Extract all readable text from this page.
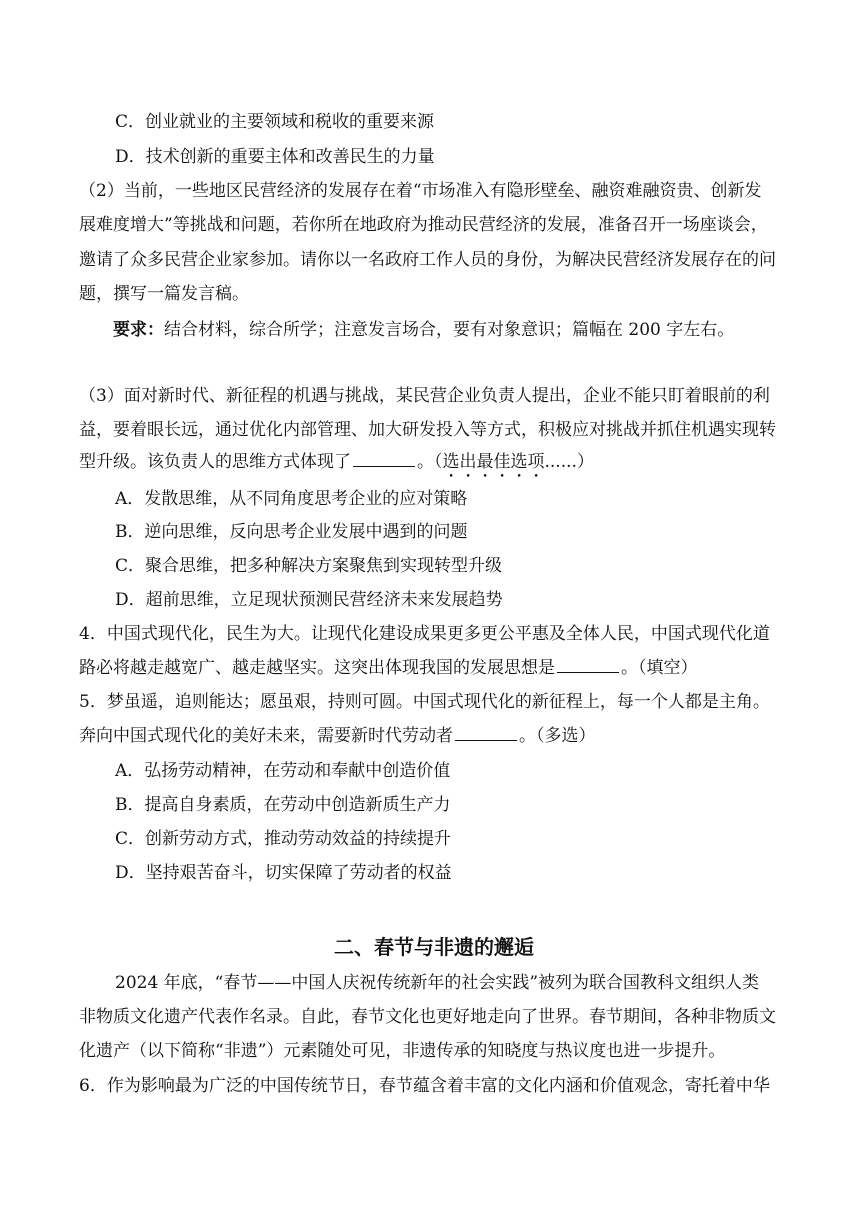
C．创业就业的主要领域和税收的重要来源
D．技术创新的重要主体和改善民生的力量
（2）当前，一些地区民营经济的发展存在着“市场准入有隐形壁垒、融资难融资贵、创新发
展难度增大”等挑战和问题，若你所在地政府为推动民营经济的发展，准备召开一场座谈会，
邀请了众多民营企业家参加。请你以一名政府工作人员的身份，为解决民营经济发展存在的问
题，撰写一篇发言稿。
要求：结合材料，综合所学；注意发言场合，要有对象意识；篇幅在 200 字左右。
（3）面对新时代、新征程的机遇与挑战，某民营企业负责人提出，企业不能只盯着眼前的利
益，要着眼长远，通过优化内部管理、加大研发投入等方式，积极应对挑战并抓住机遇实现转
型升级。该负责人的思维方式体现了	。（选出最佳选项......）
A．发散思维，从不同角度思考企业的应对策略
B．逆向思维，反向思考企业发展中遇到的问题
C．聚合思维，把多种解决方案聚焦到实现转型升级
D．超前思维，立足现状预测民营经济未来发展趋势
4．中国式现代化，民生为大。让现代化建设成果更多更公平惠及全体人民，中国式现代化道
路必将越走越宽广、越走越坚实。这突出体现我国的发展思想是	。（填空）
5．梦虽遥，追则能达；愿虽艰，持则可圆。中国式现代化的新征程上，每一个人都是主角。
奔向中国式现代化的美好未来，需要新时代劳动者	。（多选）
A．弘扬劳动精神，在劳动和奉献中创造价值
B．提高自身素质，在劳动中创造新质生产力
C．创新劳动方式，推动劳动效益的持续提升
D．坚持艰苦奋斗，切实保障了劳动者的权益
二、春节与非遗的邂逅
2024 年底，“春节——中国人庆祝传统新年的社会实践”被列为联合国教科文组织人类
非物质文化遗产代表作名录。自此，春节文化也更好地走向了世界。春节期间，各种非物质文
化遗产（以下简称“非遗”）元素随处可见，非遗传承的知晓度与热议度也进一步提升。
6．作为影响最为广泛的中国传统节日，春节蕴含着丰富的文化内涵和价值观念，寄托着中华
